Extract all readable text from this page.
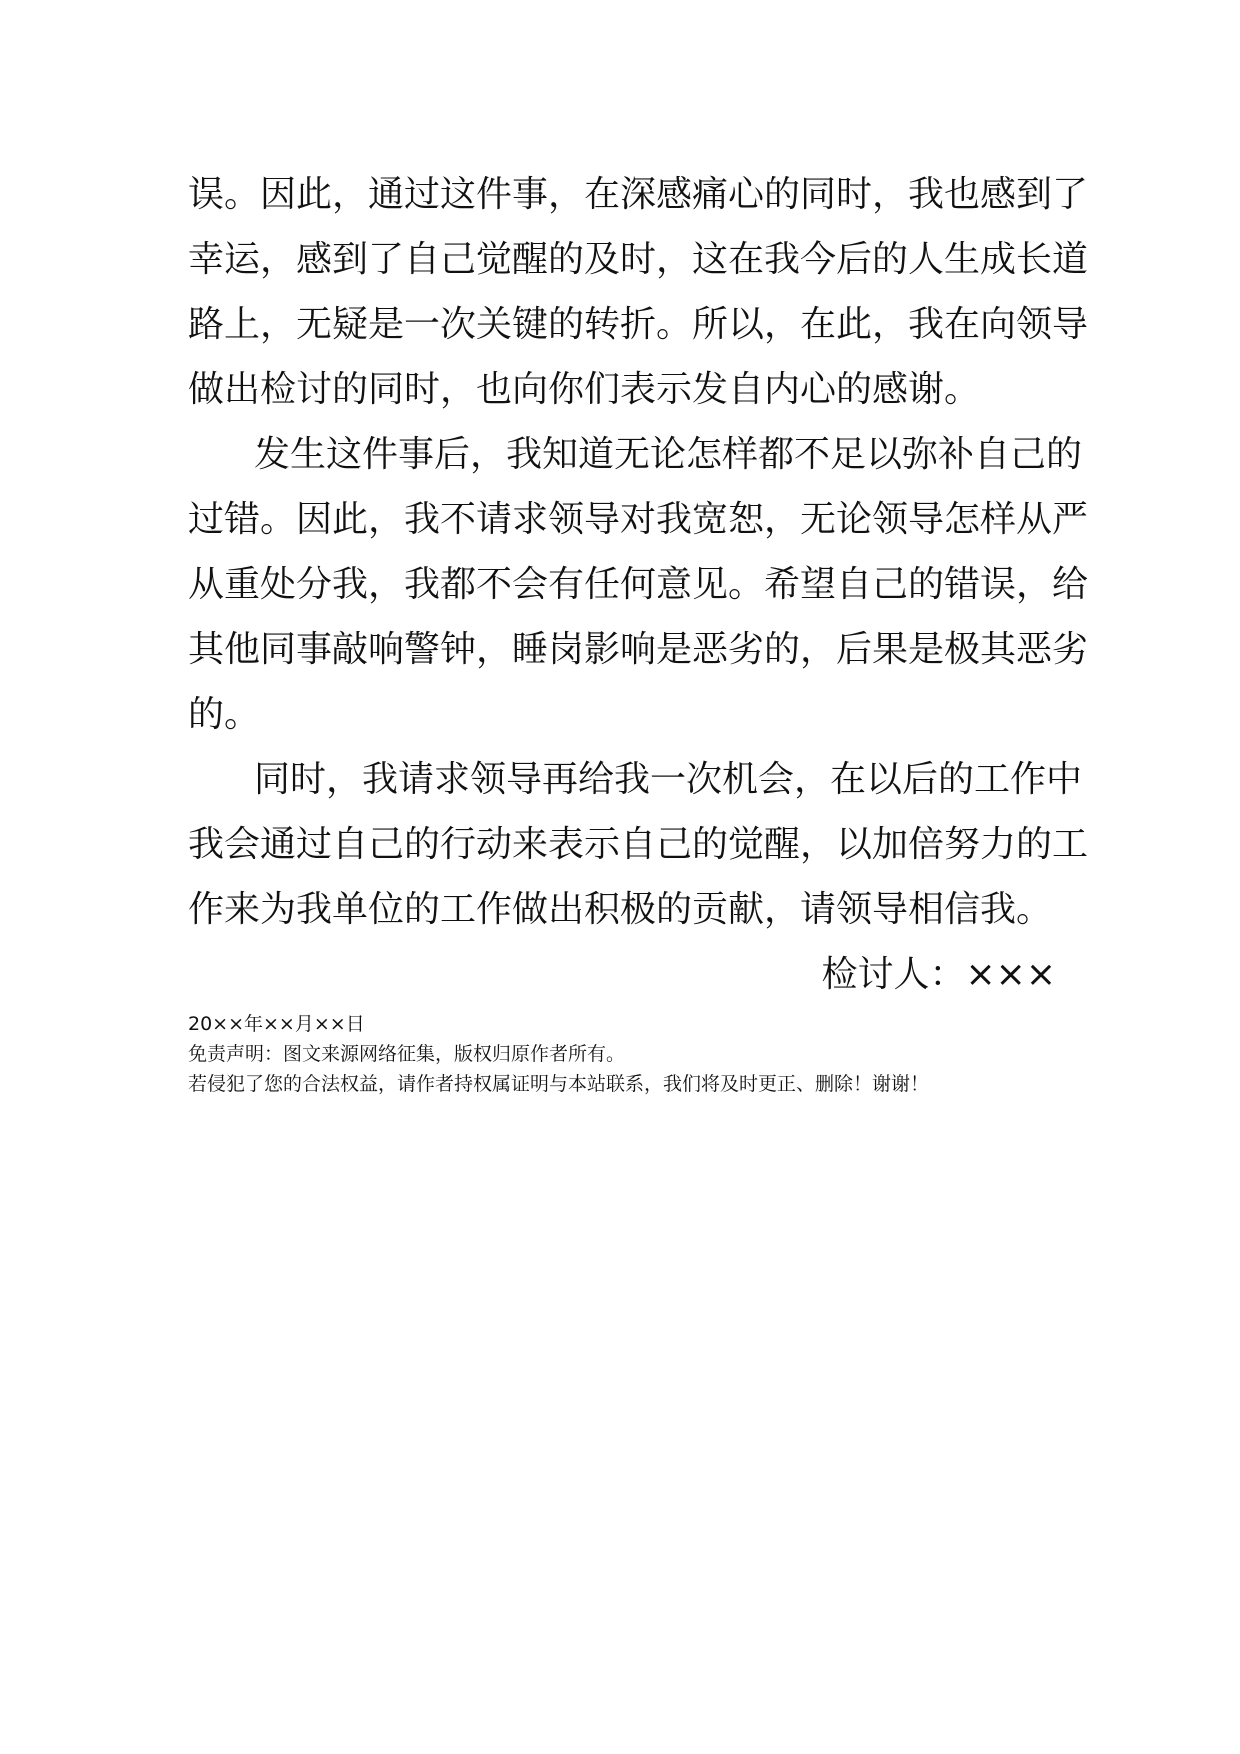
误。因此，通过这件事，在深感痛心的同时，我也感到了
幸运，感到了自己觉醒的及时，这在我今后的人生成长道
路上，无疑是一次关键的转折。所以，在此，我在向领导
做出检讨的同时，也向你们表示发自内心的感谢。
发生这件事后，我知道无论怎样都不足以弥补自己的
过错。因此，我不请求领导对我宽恕，无论领导怎样从严
从重处分我，我都不会有任何意见。希望自己的错误，给
其他同事敲响警钟，睡岗影响是恶劣的，后果是极其恶劣
的。
同时，我请求领导再给我一次机会，在以后的工作中
我会通过自己的行动来表示自己的觉醒，以加倍努力的工
作来为我单位的工作做出积极的贡献，请领导相信我。
检讨人：×××
20××年××月××日
免责声明：图文来源网络征集，版权归原作者所有。
若侵犯了您的合法权益，请作者持权属证明与本站联系，我们将及时更正、删除！谢谢！
